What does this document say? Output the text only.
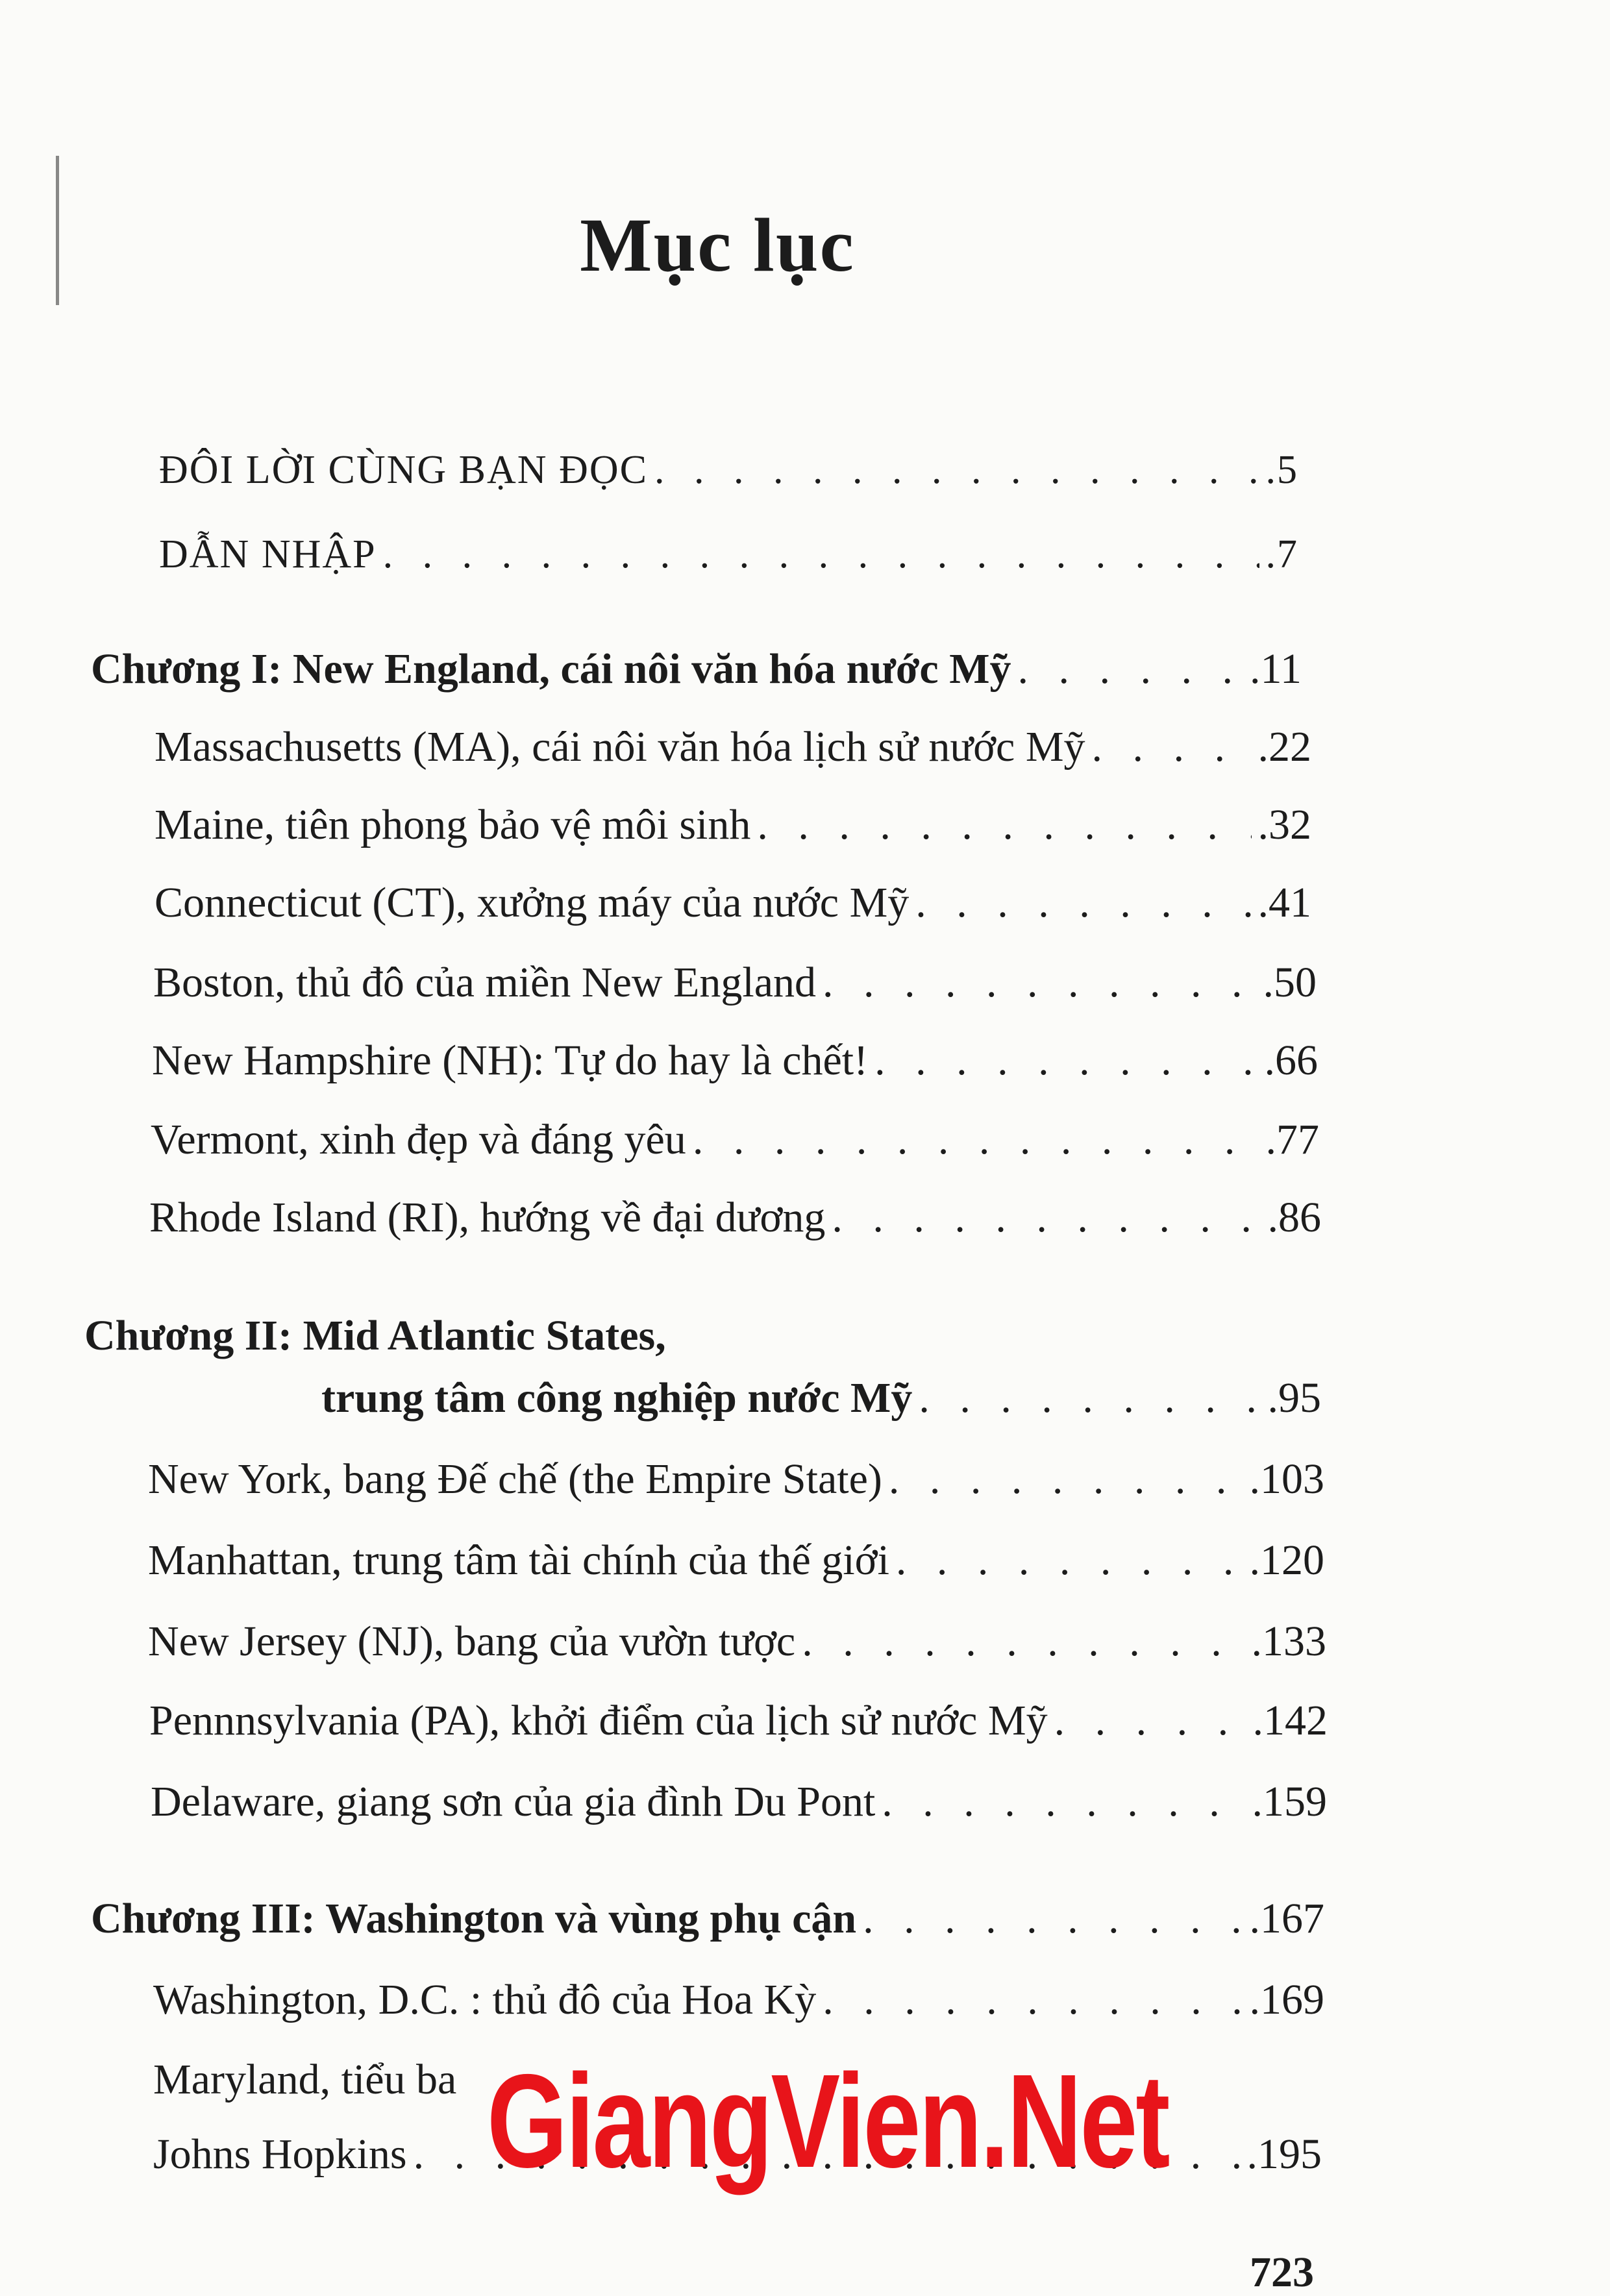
Mục lục
ĐÔI LỜI CÙNG BẠN ĐỌC . . .	.5
DẪN NHẬP . . .	.7
Chương I: New England, cái nôi văn hóa nước Mỹ . . .	.11
Massachusetts (MA), cái nôi văn hóa lịch sử nước Mỹ . . .	.22
Maine, tiên phong bảo vệ môi sinh . . .	.32
Connecticut (CT), xưởng máy của nước Mỹ . . .	.41
Boston, thủ đô của miền New England . . .	.50
New Hampshire (NH): Tự do hay là chết! . . .	.66
Vermont, xinh đẹp và đáng yêu . . .	.77
Rhode Island (RI), hướng về đại dương . . .	.86
Chương II: Mid Atlantic States,
trung tâm công nghiệp nước Mỹ . . .	.95
New York, bang Đế chế (the Empire State) . . .	.103
Manhattan, trung tâm tài chính của thế giới . . .	.120
New Jersey (NJ), bang của vườn tược . . .	.133
Pennnsylvania (PA), khởi điểm của lịch sử nước Mỹ . . .	.142
Delaware, giang sơn của gia đình Du Pont . . .	.159
Chương III: Washington và vùng phụ cận . . .	.167
Washington, D.C. : thủ đô của Hoa Kỳ . . .	.169
Maryland, tiểu ba
Johns Hopkins . . .	.195
GiangVien.Net
723
